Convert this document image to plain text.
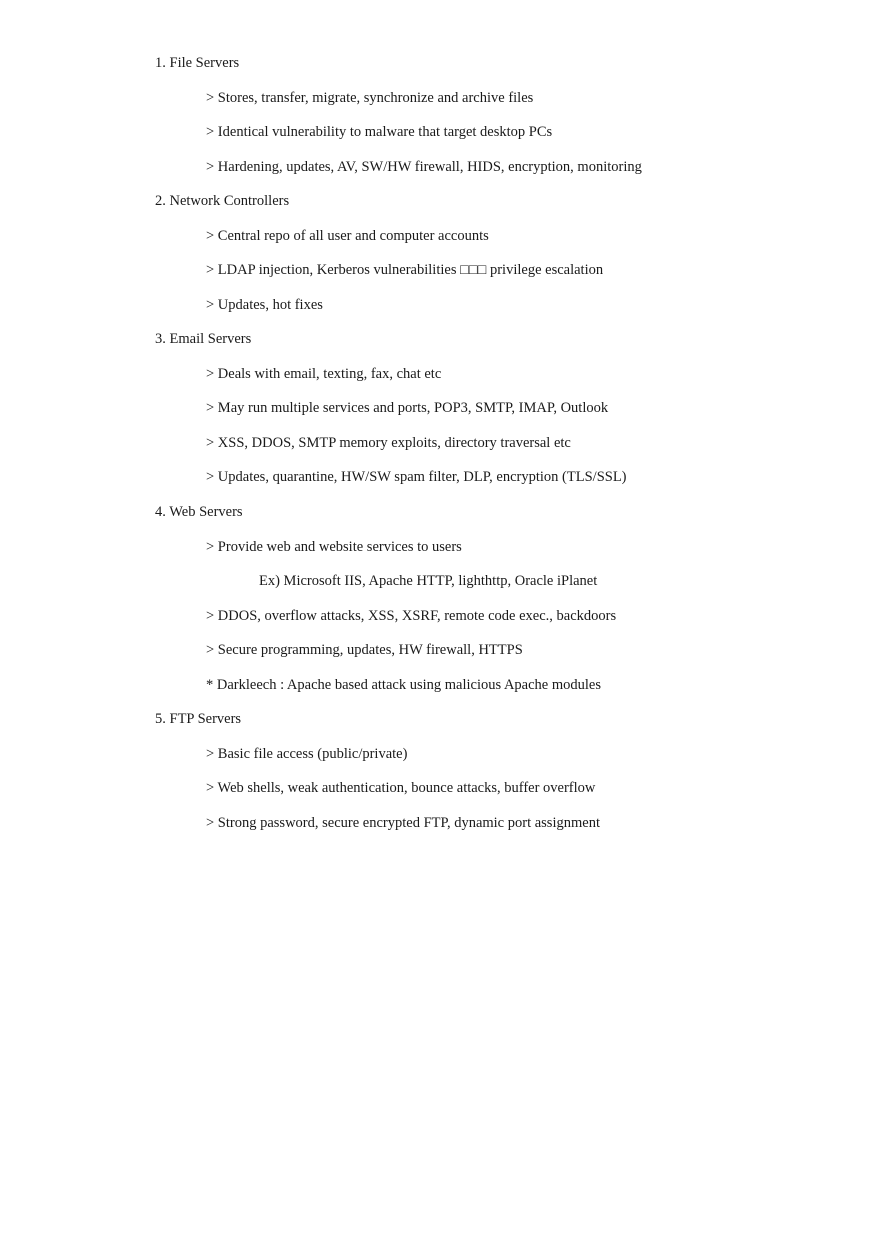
1. File Servers
> Stores, transfer, migrate, synchronize and archive files
> Identical vulnerability to malware that target desktop PCs
> Hardening, updates, AV, SW/HW firewall, HIDS, encryption, monitoring
2. Network Controllers
> Central repo of all user and computer accounts
> LDAP injection, Kerberos vulnerabilities □□□ privilege escalation
> Updates, hot fixes
3. Email Servers
> Deals with email, texting, fax, chat etc
> May run multiple services and ports, POP3, SMTP, IMAP, Outlook
> XSS, DDOS, SMTP memory exploits, directory traversal etc
> Updates, quarantine, HW/SW spam filter, DLP, encryption (TLS/SSL)
4. Web Servers
> Provide web and website services to users
Ex) Microsoft IIS, Apache HTTP, lighthttp, Oracle iPlanet
> DDOS, overflow attacks, XSS, XSRF, remote code exec., backdoors
> Secure programming, updates, HW firewall, HTTPS
* Darkleech : Apache based attack using malicious Apache modules
5. FTP Servers
> Basic file access (public/private)
> Web shells, weak authentication, bounce attacks, buffer overflow
> Strong password, secure encrypted FTP, dynamic port assignment
